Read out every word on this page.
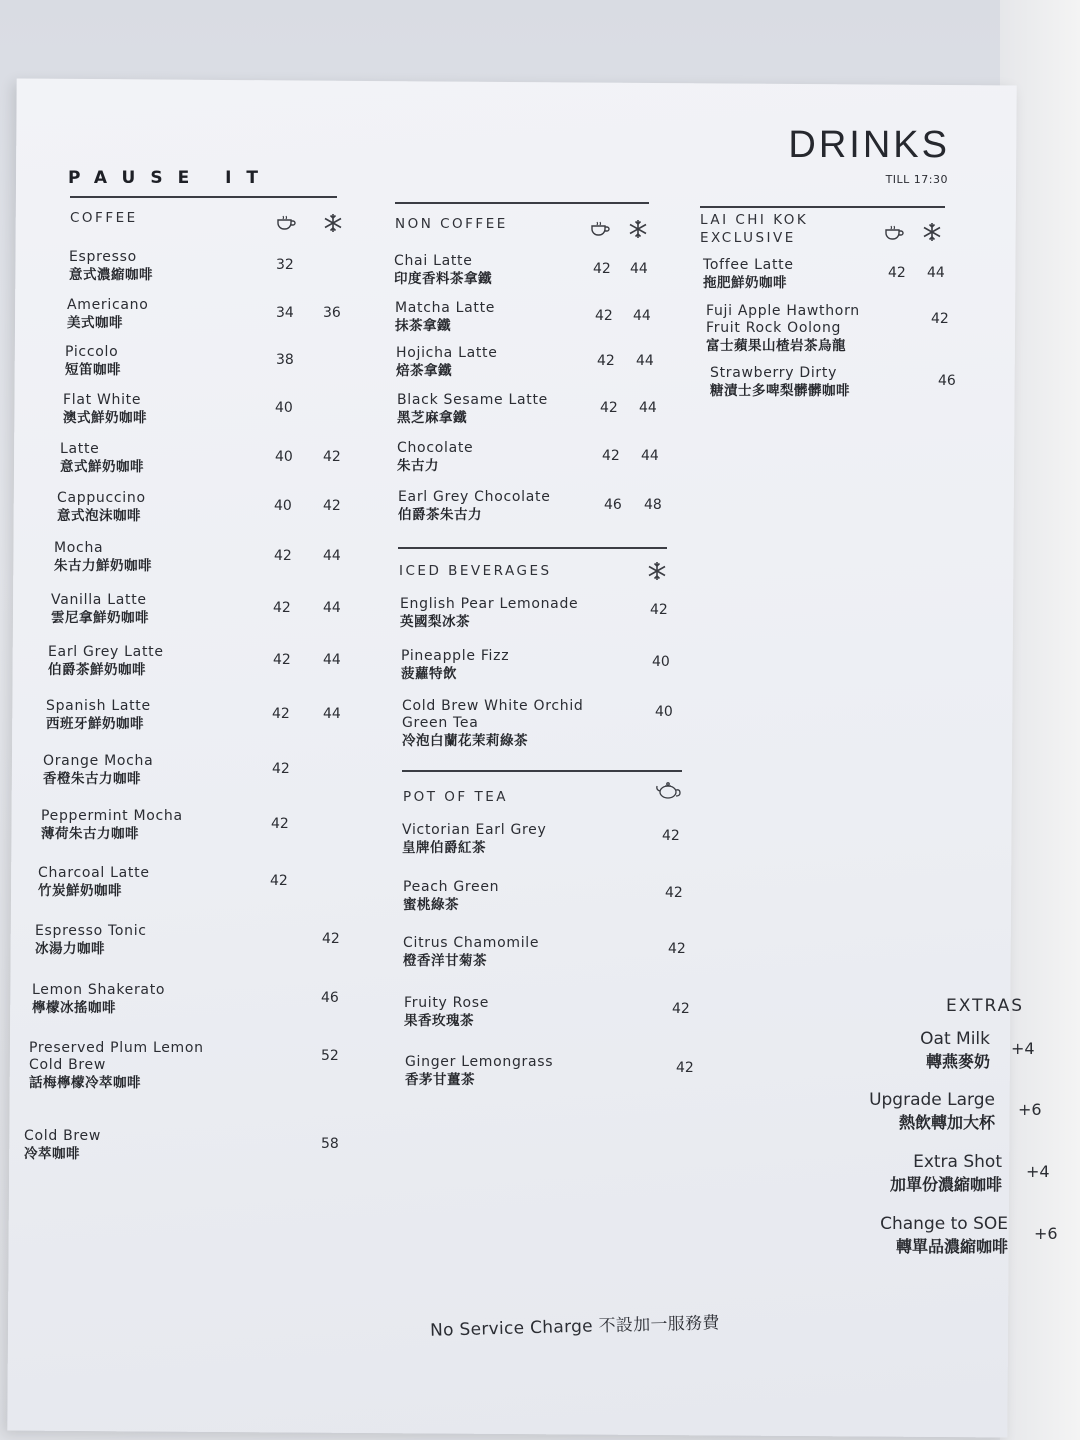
PAUSE IT
DRINKS
TILL 17:30
COFFEE
Espresso
意式濃縮咖啡
32
Americano
美式咖啡
34 36
Piccolo
短笛咖啡
38
Flat White
澳式鮮奶咖啡
40
Latte
意式鮮奶咖啡
40 42
Cappuccino
意式泡沫咖啡
40 42
Mocha
朱古力鮮奶咖啡
42 44
Vanilla Latte
雲尼拿鮮奶咖啡
42 44
Earl Grey Latte
伯爵茶鮮奶咖啡
42 44
Spanish Latte
西班牙鮮奶咖啡
42 44
Orange Mocha
香橙朱古力咖啡
42
Peppermint Mocha
薄荷朱古力咖啡
42
Charcoal Latte
竹炭鮮奶咖啡
42
Espresso Tonic
冰湯力咖啡
42
Lemon Shakerato
檸檬冰搖咖啡
46
Preserved Plum Lemon
Cold Brew
話梅檸檬冷萃咖啡
52
Cold Brew
冷萃咖啡
58
NON COFFEE
Chai Latte
印度香料茶拿鐵
42 44
Matcha Latte
抹茶拿鐵
42 44
Hojicha Latte
焙茶拿鐵
42 44
Black Sesame Latte
黑芝麻拿鐵
42 44
Chocolate
朱古力
42 44
Earl Grey Chocolate
伯爵茶朱古力
46 48
ICED BEVERAGES
English Pear Lemonade
英國梨冰茶
42
Pineapple Fizz
菠蘿特飲
40
Cold Brew White Orchid
Green Tea
冷泡白蘭花茉莉綠茶
40
POT OF TEA
Victorian Earl Grey
皇牌伯爵紅茶
42
Peach Green
蜜桃綠茶
42
Citrus Chamomile
橙香洋甘菊茶
42
Fruity Rose
果香玫瑰茶
42
Ginger Lemongrass
香茅甘薑茶
42
LAI CHI KOK
EXCLUSIVE
Toffee Latte
拖肥鮮奶咖啡
42 44
Fuji Apple Hawthorn
Fruit Rock Oolong
富士蘋果山楂岩茶烏龍
42
Strawberry Dirty
糖漬士多啤梨髒髒咖啡
46
EXTRAS
Oat Milk
轉燕麥奶
+4
Upgrade Large
熱飲轉加大杯
+6
Extra Shot
加單份濃縮咖啡
+4
Change to SOE
轉單品濃縮咖啡
+6
No Service Charge 不設加一服務費
